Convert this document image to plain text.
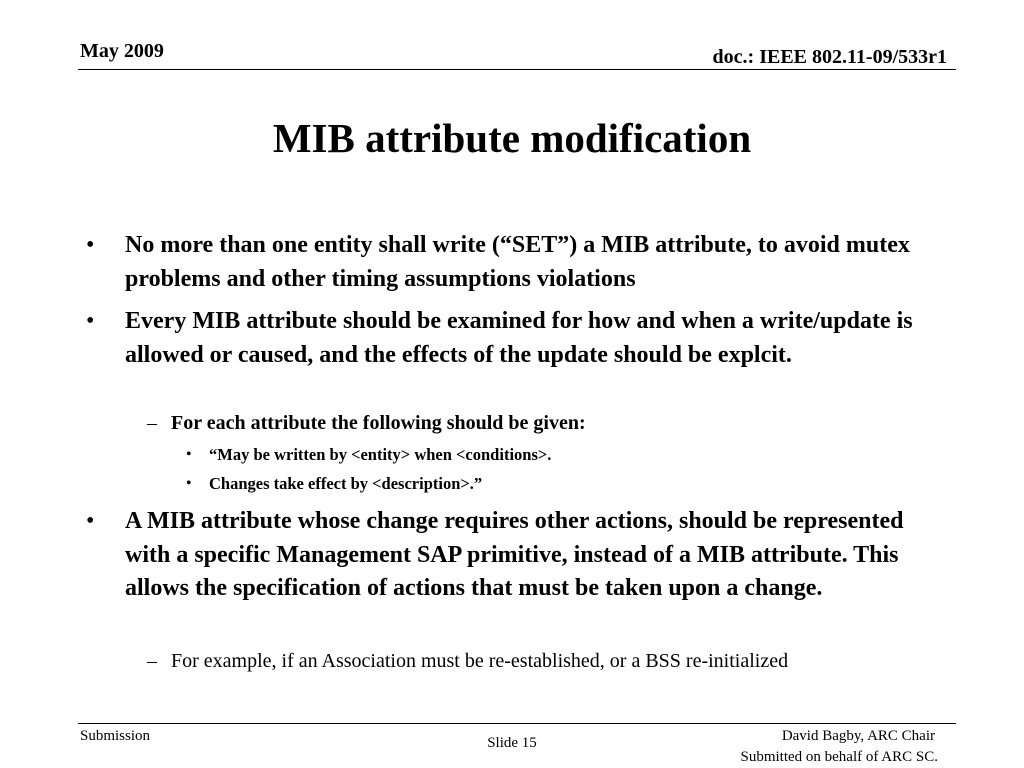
May 2009	doc.: IEEE 802.11-09/533r1
MIB attribute modification
• No more than one entity shall write (“SET”) a MIB attribute, to avoid mutex problems and other timing assumptions violations
• Every MIB attribute should be examined for how and when a write/update is allowed or caused, and the effects of the update should be explcit.
– For each attribute the following should be given:
• “May be written by <entity> when <conditions>.
• Changes take effect by <description>.”
• A MIB attribute whose change requires other actions, should be represented with a specific Management SAP primitive, instead of a MIB attribute. This allows the specification of actions that must be taken upon a change.
– For example, if an Association must be re-established, or a BSS re-initialized
Submission	Slide 15	David Bagby, ARC Chair
Submitted on behalf of ARC SC.
